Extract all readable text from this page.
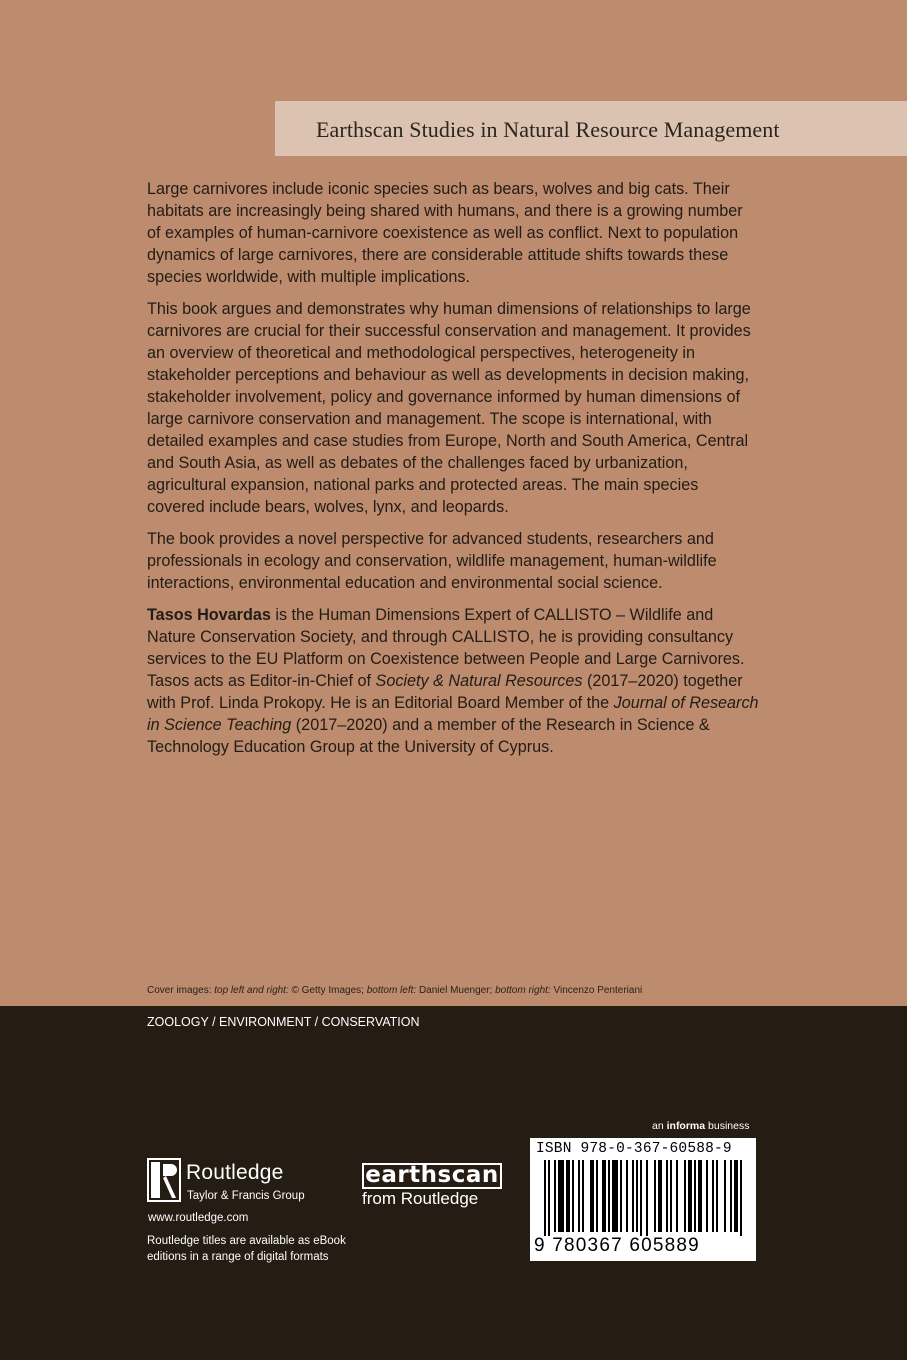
Earthscan Studies in Natural Resource Management

Large carnivores include iconic species such as bears, wolves and big cats. Their habitats are increasingly being shared with humans, and there is a growing number of examples of human-carnivore coexistence as well as conflict. Next to population dynamics of large carnivores, there are considerable attitude shifts towards these species worldwide, with multiple implications.

This book argues and demonstrates why human dimensions of relationships to large carnivores are crucial for their successful conservation and management. It provides an overview of theoretical and methodological perspectives, heterogeneity in stakeholder perceptions and behaviour as well as developments in decision making, stakeholder involvement, policy and governance informed by human dimensions of large carnivore conservation and management. The scope is international, with detailed examples and case studies from Europe, North and South America, Central and South Asia, as well as debates of the challenges faced by urbanization, agricultural expansion, national parks and protected areas. The main species covered include bears, wolves, lynx, and leopards.

The book provides a novel perspective for advanced students, researchers and professionals in ecology and conservation, wildlife management, human-wildlife interactions, environmental education and environmental social science.

Tasos Hovardas is the Human Dimensions Expert of CALLISTO – Wildlife and Nature Conservation Society, and through CALLISTO, he is providing consultancy services to the EU Platform on Coexistence between People and Large Carnivores. Tasos acts as Editor-in-Chief of Society & Natural Resources (2017–2020) together with Prof. Linda Prokopy. He is an Editorial Board Member of the Journal of Research in Science Teaching (2017–2020) and a member of the Research in Science & Technology Education Group at the University of Cyprus.

Cover images: top left and right: © Getty Images; bottom left: Daniel Muenger; bottom right: Vincenzo Penteriani
ZOOLOGY / ENVIRONMENT / CONSERVATION
an informa business
ISBN 978-0-367-60588-9
9 780367 605889
Routledge
Taylor & Francis Group
www.routledge.com
Routledge titles are available as eBook editions in a range of digital formats
earthscan
from Routledge
